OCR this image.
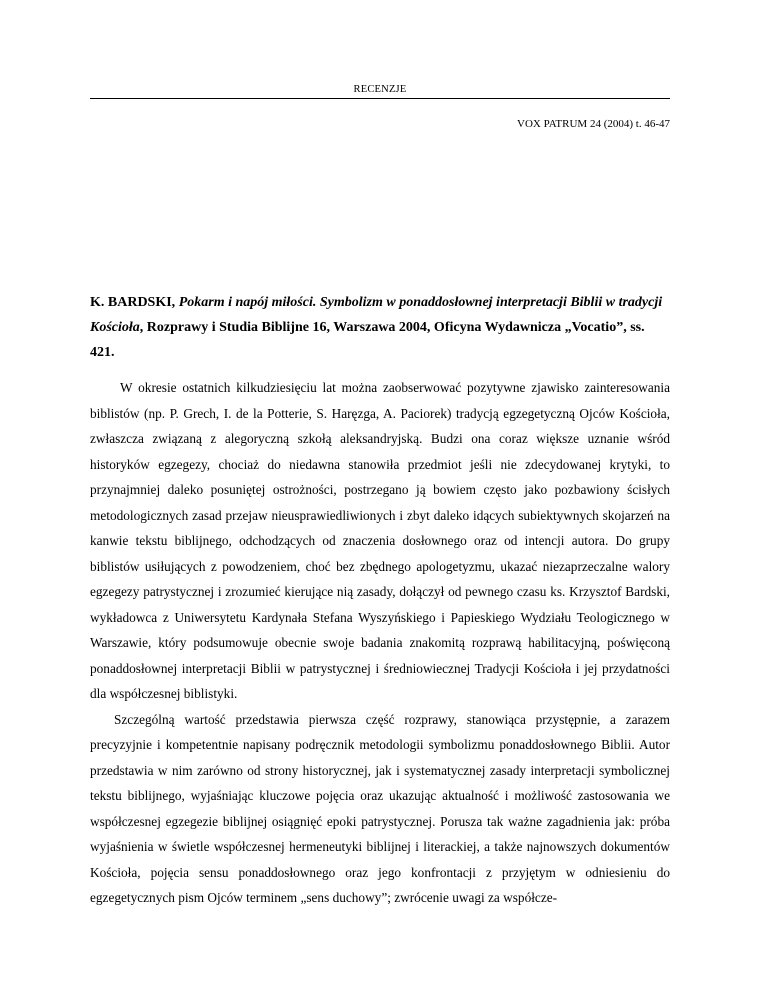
RECENZJE
VOX PATRUM 24 (2004) t. 46-47
K. BARDSKI, Pokarm i napój miłości. Symbolizm w ponaddosłownej interpretacji Biblii w tradycji Kościoła, Rozprawy i Studia Biblijne 16, Warszawa 2004, Oficyna Wydawnicza „Vocatio”, ss. 421.

W okresie ostatnich kilkudziesięciu lat można zaobserwować pozytywne zjawisko zainteresowania biblistów (np. P. Grech, I. de la Potterie, S. Haręzga, A. Paciorek) tradycją egzegetyczną Ojców Kościoła, zwłaszcza związaną z alegoryczną szkołą aleksandryjską. Budzi ona coraz większe uznanie wśród historyków egzegezy, chociaż do niedawna stanowiła przedmiot jeśli nie zdecydowanej krytyki, to przynajmniej daleko posuniętej ostrożności, postrzegano ją bowiem często jako pozbawiony ścisłych metodologicznych zasad przejaw nieusprawiedliwionych i zbyt daleko idących subiektywnych skojarzeń na kanwie tekstu biblijnego, odchodzących od znaczenia dosłownego oraz od intencji autora. Do grupy biblistów usiłujących z powodzeniem, choć bez zbędnego apologetyzmu, ukazać niezaprzeczalne walory egzegezy patrystycznej i zrozumieć kierujące nią zasady, dołączył od pewnego czasu ks. Krzysztof Bardski, wykładowca z Uniwersytetu Kardynała Stefana Wyszyńskiego i Papieskiego Wydziału Teologicznego w Warszawie, który podsumowuje obecnie swoje badania znakomitą rozprawą habilitacyjną, poświęconą ponaddosłownej interpretacji Biblii w patrystycznej i średniowiecznej Tradycji Kościoła i jej przydatności dla współczesnej biblistyki.

Szczególną wartość przedstawia pierwsza część rozprawy, stanowiąca przystępnie, a zarazem precyzyjnie i kompetentnie napisany podręcznik metodologii symbolizmu ponaddosłownego Biblii. Autor przedstawia w nim zarówno od strony historycznej, jak i systematycznej zasady interpretacji symbolicznej tekstu biblijnego, wyjaśniając kluczowe pojęcia oraz ukazując aktualność i możliwość zastosowania we współczesnej egzegezie biblijnej osiągnięć epoki patrystycznej. Porusza tak ważne zagadnienia jak: próba wyjaśnienia w świetle współczesnej hermeneutyki biblijnej i literackiej, a także najnowszych dokumentów Kościoła, pojęcia sensu ponaddosłownego oraz jego konfrontacji z przyjętym w odniesieniu do egzegetycznych pism Ojców terminem „sens duchowy”; zwrócenie uwagi za współcze-
